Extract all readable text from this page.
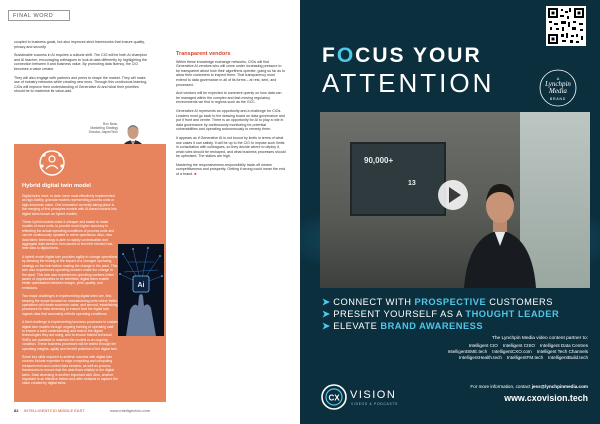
FINAL WORD

coupled to business goals, but also improves strict frameworks that ensure quality, privacy and security.

Sustainable success in AI requires a cultural shift. The CIO will be both AI champion and AI teacher, encouraging colleagues to look at data differently by highlighting the connection between it and business value. By promoting data fluency, the CIO becomes a value creator.

They will also engage with partners and peers to shape the market. They will make use of industry networks while creating new ones. Through this continuous learning, CIOs will improve their understanding of Generative AI and what their priorities should be to maximise its value-add.

Ron Beck,
Marketing Strategy
Director, AspenTech
Transparent vendors

Within these knowledge exchange networks, CIOs will find Generative AI vendors who will come under increasing pressure to be transparent about how their algorithms operate, going so far as to allow their customers to inspect them. That transparency must extend to data governance in all of its forms – at rest, sent, and processed.

And vendors will be expected to comment openly on how data can be managed within the complex and fast-moving regulatory environments we find in regions such as the GCC.

Generative AI represents an opportunity and a challenge for CIOs. Leaders must go back to the drawing board on data governance and put it front and centre. There is an opportunity for AI to play a role in data governance by continuously monitoring for potential vulnerabilities and operating autonomously to remedy them.

It appears as if Generative AI is not bound by limits in terms of what use cases it can satisfy. It will be up to the CIO to impose such limits in consultation with colleagues, so they decide where to deploy it, what rules should be reshaped, and what business processes should be optimised. The stakes are high.

Mastering the responsiveness-responsibility trade-off means competitiveness and prosperity. Getting it wrong could mean the end of a brand. ■

Hybrid digital twin model

Digital twins have, to date, been most effectively implemented as high-fidelity, granular models representing process units or high-economic value. One innovation currently taking place is the merging of first principles models with AI-based models into digital twins known as hybrid models.

These hybrid models make it cheaper and easier to make models of more units, to provide much higher accuracy in reflecting the actual operating conditions of process units and can be continuously updated to mirror operations. Also, new data fabric technology is able to rapidly contextualise and aggregate data streams from assets to feed the needed real-time data to digital twins.

A hybrid model digital twin provides agility to change operations by allowing the testing of the impact of a changed operating strategy on the twin before making the change in the plant. This twin also experiences operating workers make the change in the plant. This twin also experiences operating workers better aware of opportunities to be identified, digital twins enable better optimisation between margin, yield, quality, and emissions.

Two major challenges in implementing digital twins are, first, keeping the scope focused on manufacturing units where better operations will create economic value, and second, establishing processes for data cleansing to ensure that the digital twin ingests data that accurately reflects operating conditions.

A third challenge is implementing business processes to sustain digital twin models through ongoing training of operating staff, to ensure a solid understanding and trust in the digital technologies they are using, and to ensure trained technical SMEs are available to maintain the models in an ongoing condition. These business processes will be tested through the operating insights, agility and benefit potential of the digital twin.

Some key skills required to achieve success with digital twin sources include expertise in edge computing and computing measurement and control data streams, as well as process frameworks to ensure that the data flows reliably to the digital twins. Data cleansing is another important skill. Also, another important is an effective before-and-after analysis to capture the value created by digital twins.

Ai
82 INTELLIGENTCIO MIDDLE EAST	www.intelligentcio.com
FOCUS YOUR
ATTENTION	A
Lynchpin
Media
BRAND
90,000+
13
➤ CONNECT WITH PROSPECTIVE CUSTOMERS
➤ PRESENT YOURSELF AS A THOUGHT LEADER
➤ ELEVATE BRAND AWARENESS
The Lynchpin Media video content partner to:
Intelligent CIO Intelligent CISO Intelligent Data Centres
IntelligentSME.tech IntelligentCXO.com Intelligent Tech Channels
IntelligentHealth.tech IntelligentFM.tech IntelligentBuild.tech
CX VISION
VIDEOS & PODCASTS
For more information, contact jess@lynchpinmedia.com
www.cxovision.tech
